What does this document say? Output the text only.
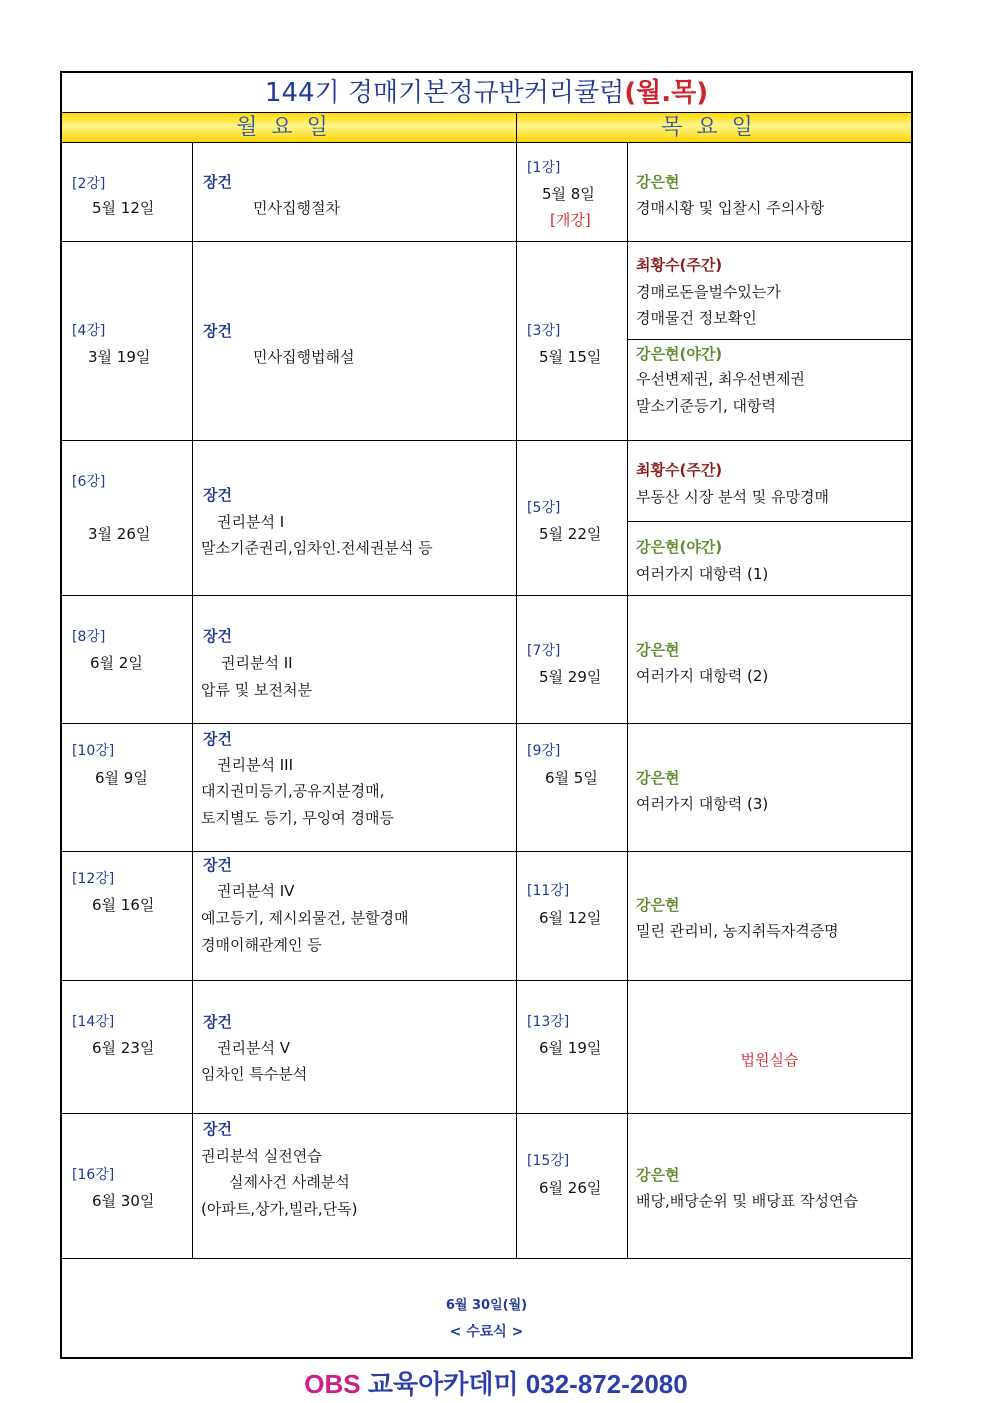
144기 경매기본정규반커리큘럼(월.목)
월요일	목요일
[2강]
5월 12일
장건
민사집행절차
[1강]
5월 8일
[개강]
강은현
경매시황 및 입찰시 주의사항
[4강]
3월 19일
장건
민사집행법해설
[3강]
5월 15일
최황수(주간)
경매로돈을벌수있는가
경매물건 정보확인
강은현(야간)
우선변제권, 최우선변제권
말소기준등기, 대항력
[6강]
3월 26일
장건
권리분석 I
말소기준권리,임차인.전세권분석 등
[5강]
5월 22일
최황수(주간)
부동산 시장 분석 및 유망경매
강은현(야간)
여러가지 대항력 (1)
[8강]
6월 2일
장건
권리분석 II
압류 및 보전처분
[7강]
5월 29일
강은현
여러가지 대항력 (2)
[10강]
6월 9일
장건
권리분석 III
대지권미등기,공유지분경매,
토지별도 등기, 무잉여 경매등
[9강]
6월 5일	강은현
여러가지 대항력 (3)
[12강]
6월 16일
장건
권리분석 IV
예고등기, 제시외물건, 분할경매
경매이해관계인 등
[11강]
6월 12일
강은현
밀린 관리비, 농지취득자격증명
[14강]
6월 23일
장건
권리분석 V
임차인 특수분석
[13강]
6월 19일
법원실습
[16강]
6월 30일
장건
권리분석 실전연습
실제사건 사례분석
(아파트,상가,빌라,단독)
[15강]
6월 26일
강은현
배당,배당순위 및 배당표 작성연습
6월 30일(월)
< 수료식 >
OBS 교육아카데미 032-872-2080
